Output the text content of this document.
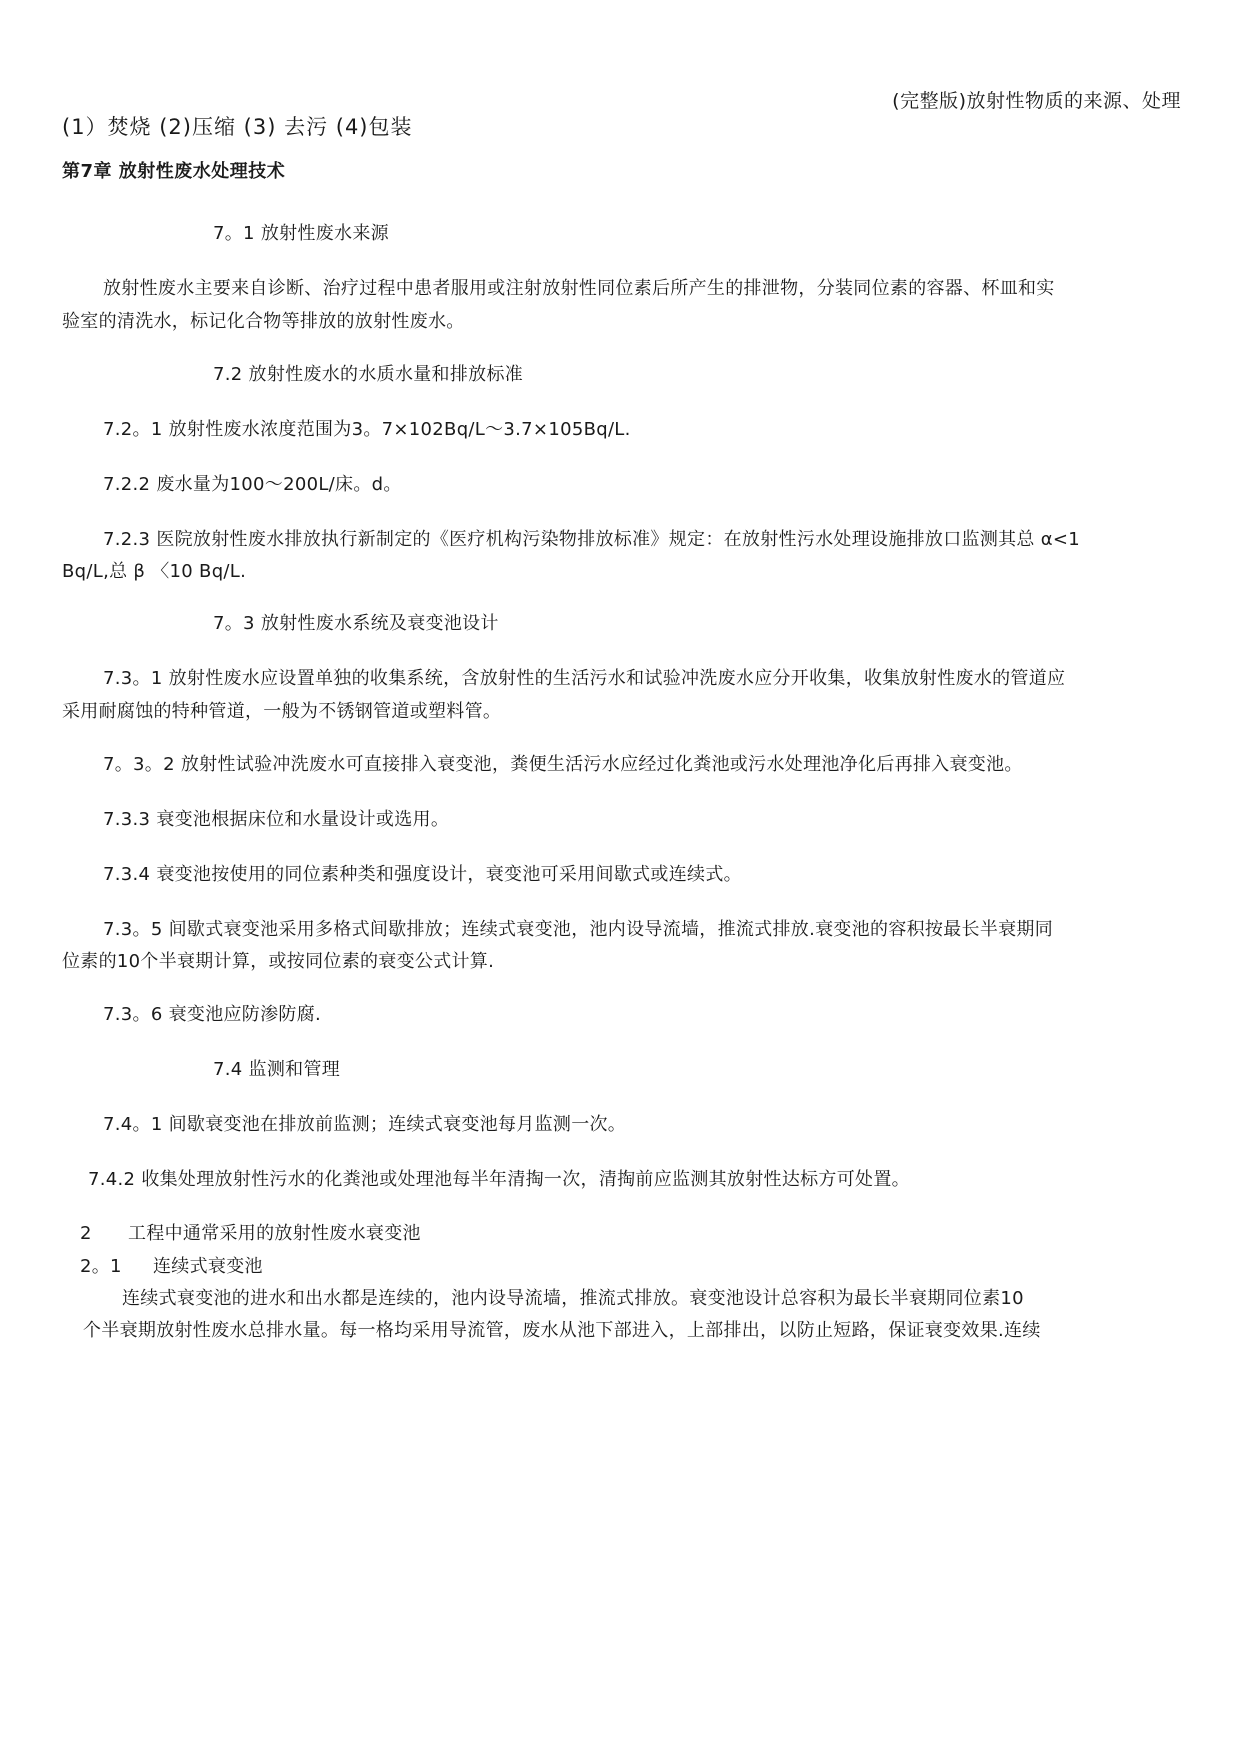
(完整版)放射性物质的来源、处理
(1）焚烧 (2)压缩 (3) 去污 (4)包装
第7章 放射性废水处理技术
7。1 放射性废水来源
放射性废水主要来自诊断、治疗过程中患者服用或注射放射性同位素后所产生的排泄物，分装同位素的容器、杯皿和实
验室的清洗水，标记化合物等排放的放射性废水。
7.2 放射性废水的水质水量和排放标准
7.2。1 放射性废水浓度范围为3。7×102Bq/L～3.7×105Bq/L.
7.2.2 废水量为100～200L/床。d。
7.2.3 医院放射性废水排放执行新制定的《医疗机构污染物排放标准》规定：在放射性污水处理设施排放口监测其总 α<1
Bq/L,总 β 〈10 Bq/L.
7。3 放射性废水系统及衰变池设计
7.3。1 放射性废水应设置单独的收集系统，含放射性的生活污水和试验冲洗废水应分开收集，收集放射性废水的管道应
采用耐腐蚀的特种管道，一般为不锈钢管道或塑料管。
7。3。2 放射性试验冲洗废水可直接排入衰变池，粪便生活污水应经过化粪池或污水处理池净化后再排入衰变池。
7.3.3 衰变池根据床位和水量设计或选用。
7.3.4 衰变池按使用的同位素种类和强度设计，衰变池可采用间歇式或连续式。
7.3。5 间歇式衰变池采用多格式间歇排放；连续式衰变池，池内设导流墙，推流式排放.衰变池的容积按最长半衰期同
位素的10个半衰期计算，或按同位素的衰变公式计算.
7.3。6 衰变池应防渗防腐.
7.4 监测和管理
7.4。1 间歇衰变池在排放前监测；连续式衰变池每月监测一次。
7.4.2 收集处理放射性污水的化粪池或处理池每半年清掏一次，清掏前应监测其放射性达标方可处置。
2 工程中通常采用的放射性废水衰变池
2。1 连续式衰变池
连续式衰变池的进水和出水都是连续的，池内设导流墙，推流式排放。衰变池设计总容积为最长半衰期同位素10
个半衰期放射性废水总排水量。每一格均采用导流管，废水从池下部进入，上部排出，以防止短路，保证衰变效果.连续
